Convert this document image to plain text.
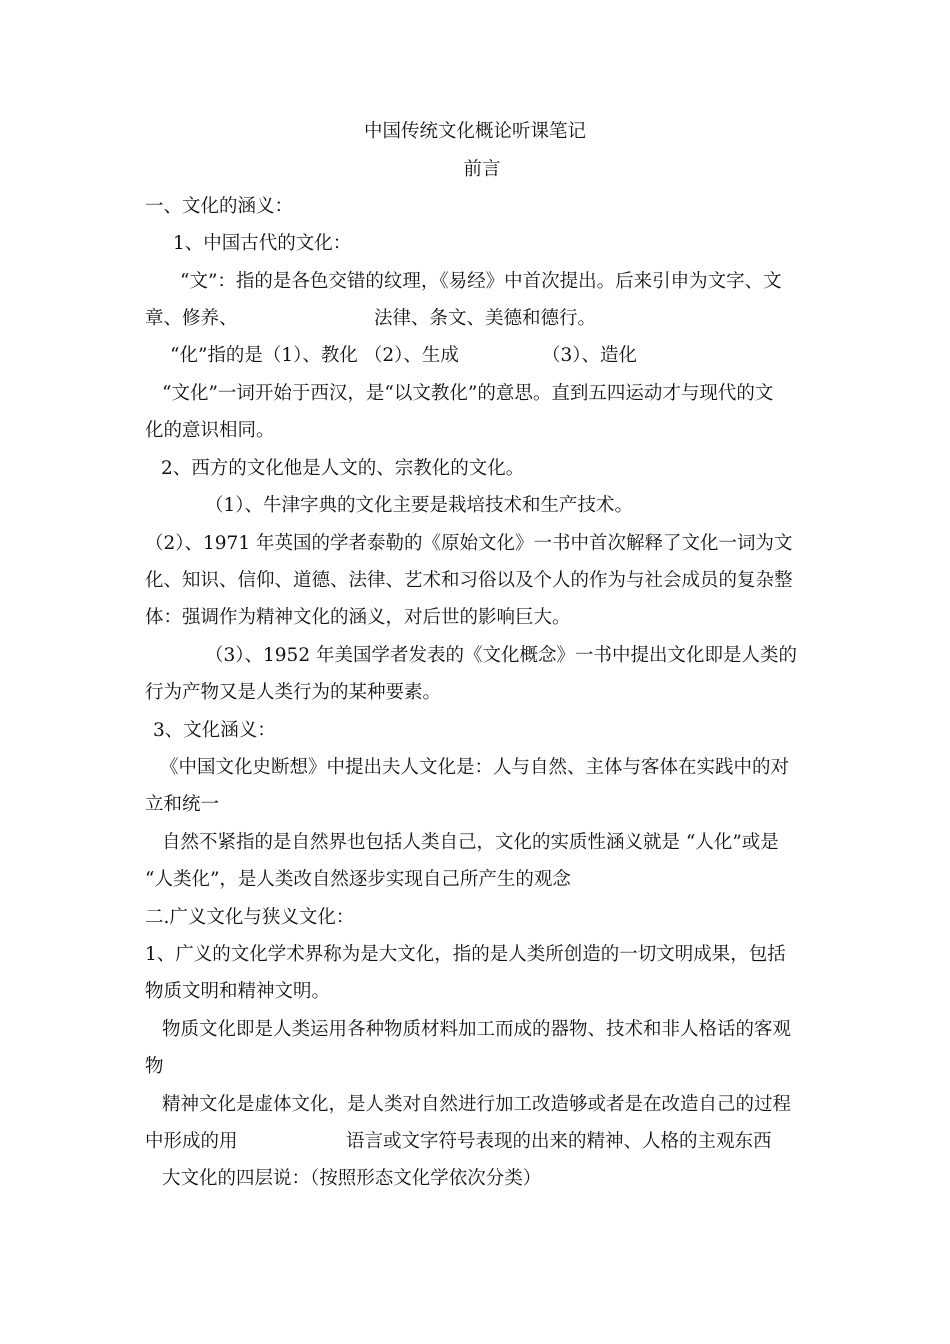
中国传统文化概论听课笔记

前言

一、文化的涵义：

1、中国古代的文化：

“文”：指的是各色交错的纹理，《易经》中首次提出。后来引申为文字、文

章、修养、	法律、条文、美德和德行。

“化”指的是（1）、教化 （2）、生成	（3）、造化

“文化”一词开始于西汉，是“以文教化”的意思。直到五四运动才与现代的文

化的意识相同。

2、西方的文化他是人文的、宗教化的文化。

（1）、牛津字典的文化主要是栽培技术和生产技术。

（2）、1971 年英国的学者泰勒的《原始文化》一书中首次解释了文化一词为文

化、知识、信仰、道德、法律、艺术和习俗以及个人的作为与社会成员的复杂整

体：强调作为精神文化的涵义，对后世的影响巨大。

（3）、1952 年美国学者发表的《文化概念》一书中提出文化即是人类的

行为产物又是人类行为的某种要素。

3、文化涵义：

《中国文化史断想》中提出夫人文化是：人与自然、主体与客体在实践中的对

立和统一

自然不紧指的是自然界也包括人类自己，文化的实质性涵义就是 “人化”或是

“人类化”，是人类改自然逐步实现自己所产生的观念

二.广义文化与狭义文化：

1、广义的文化学术界称为是大文化，指的是人类所创造的一切文明成果，包括

物质文明和精神文明。

物质文化即是人类运用各种物质材料加工而成的器物、技术和非人格话的客观

物

精神文化是虚体文化，是人类对自然进行加工改造够或者是在改造自己的过程

中形成的用	语言或文字符号表现的出来的精神、人格的主观东西

大文化的四层说：（按照形态文化学依次分类）
